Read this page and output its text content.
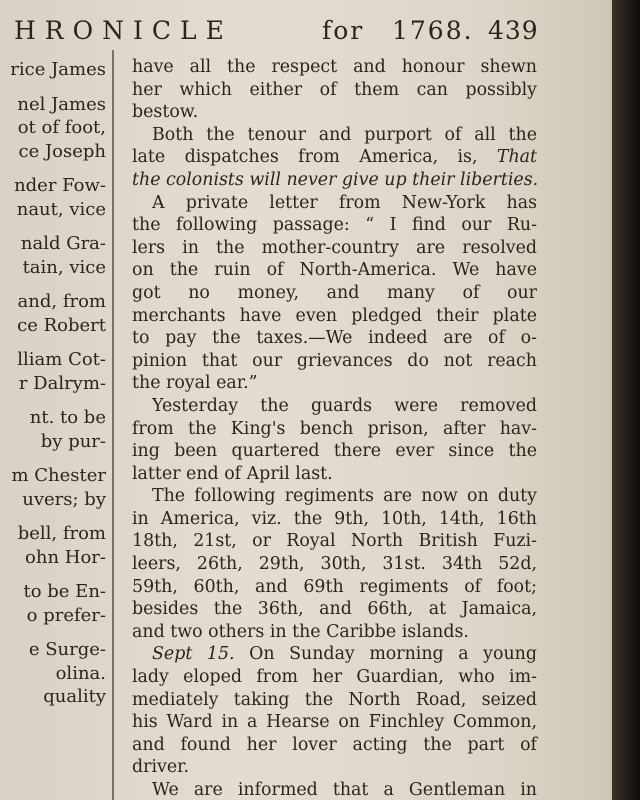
HRONICLE	for 1768. 439
rice James
nel James
ot of foot,
ce Joseph
nder Fow-
naut, vice
nald Gra-
tain, vice
and, from
ce Robert
lliam Cot-
r Dalrym-
nt. to be
by pur-
m Chester
uvers; by
bell, from
ohn Hor-
to be En-
o prefer-
e Surge-
olina.
quality
have all the respect and honour shewn
her which either of them can possibly
bestow.
Both the tenour and purport of all the
late dispatches from America, is, That
the colonists will never give up their liberties.
A private letter from New-York has
the following passage: “ I find our Ru-
lers in the mother-country are resolved
on the ruin of North-America. We have
got no money, and many of our
merchants have even pledged their plate
to pay the taxes.—We indeed are of o-
pinion that our grievances do not reach
the royal ear.”
Yesterday the guards were removed
from the King's bench prison, after hav-
ing been quartered there ever since the
latter end of April last.
The following regiments are now on duty
in America, viz. the 9th, 10th, 14th, 16th
18th, 21st, or Royal North British Fuzi-
leers, 26th, 29th, 30th, 31st. 34th 52d,
59th, 60th, and 69th regiments of foot;
besides the 36th, and 66th, at Jamaica,
and two others in the Caribbe islands.
Sept 15. On Sunday morning a young
lady eloped from her Guardian, who im-
mediately taking the North Road, seized
his Ward in a Hearse on Finchley Common,
and found her lover acting the part of
driver.
We are informed that a Gentleman in
